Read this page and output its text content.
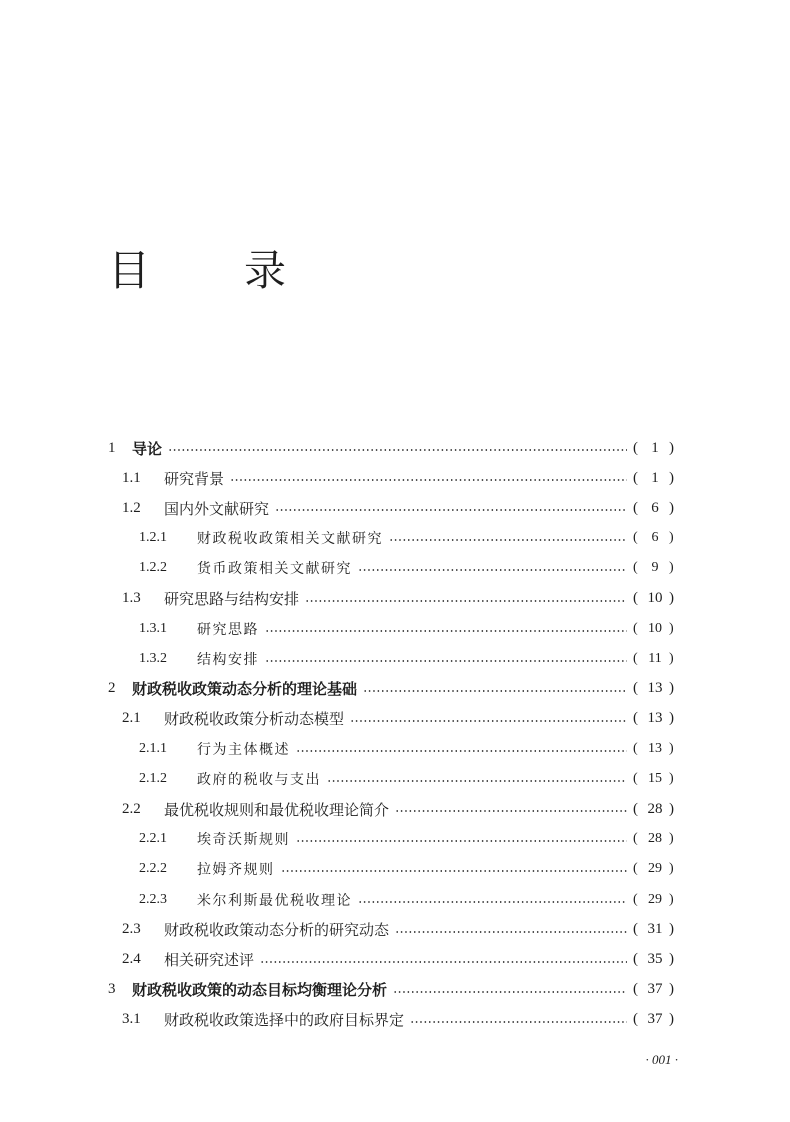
目　录
1	导论	( 1 )
1.1	研究背景	( 1 )
1.2	国内外文献研究	( 6 )
1.2.1	财政税收政策相关文献研究	( 6 )
1.2.2	货币政策相关文献研究	( 9 )
1.3	研究思路与结构安排	( 10 )
1.3.1	研究思路	( 10 )
1.3.2	结构安排	( 11 )
2	财政税收政策动态分析的理论基础	( 13 )
2.1	财政税收政策分析动态模型	( 13 )
2.1.1	行为主体概述	( 13 )
2.1.2	政府的税收与支出	( 15 )
2.2	最优税收规则和最优税收理论简介	( 28 )
2.2.1	埃奇沃斯规则	( 28 )
2.2.2	拉姆齐规则	( 29 )
2.2.3	米尔利斯最优税收理论	( 29 )
2.3	财政税收政策动态分析的研究动态	( 31 )
2.4	相关研究述评	( 35 )
3	财政税收政策的动态目标均衡理论分析	( 37 )
3.1	财政税收政策选择中的政府目标界定	( 37 )
· 001 ·
